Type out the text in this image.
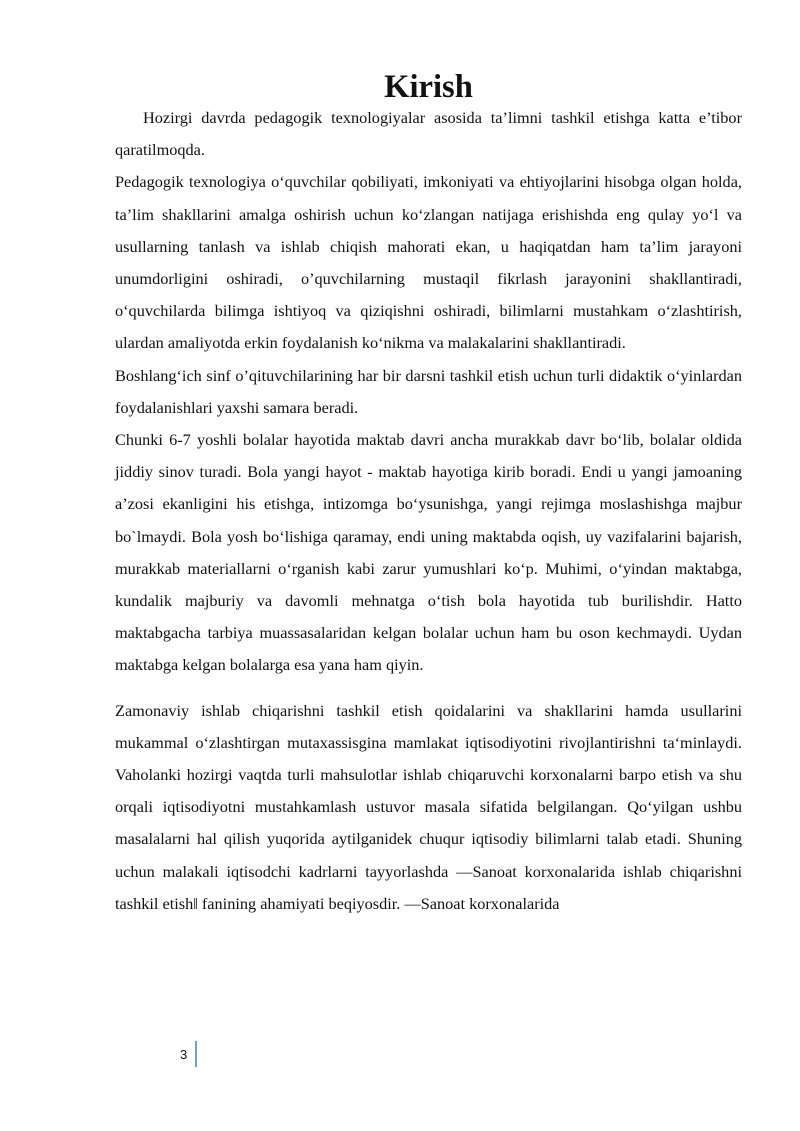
Kirish

Hozirgi davrda pedagogik texnologiyalar asosida ta’limni tashkil etishga katta e’tibor qaratilmoqda.

Pedagogik texnologiya o‘quvchilar qobiliyati, imkoniyati va ehtiyojlarini hisobga olgan holda, ta’lim shakllarini amalga oshirish uchun ko‘zlangan natijaga erishishda eng qulay yo‘l va usullarning tanlash va ishlab chiqish mahorati ekan, u haqiqatdan ham ta’lim jarayoni unumdorligini oshiradi, o’quvchilarning mustaqil fikrlash jarayonini shakllantiradi, o‘quvchilarda bilimga ishtiyoq va qiziqishni oshiradi, bilimlarni mustahkam o‘zlashtirish, ulardan amaliyotda erkin foydalanish ko‘nikma va malakalarini shakllantiradi.

Boshlang‘ich sinf o’qituvchilarining har bir darsni tashkil etish uchun turli didaktik o‘yinlardan foydalanishlari yaxshi samara beradi.

Chunki 6-7 yoshli bolalar hayotida maktab davri ancha murakkab davr bo‘lib, bolalar oldida jiddiy sinov turadi. Bola yangi hayot - maktab hayotiga kirib boradi. Endi u yangi jamoaning a’zosi ekanligini his etishga, intizomga bo‘ysunishga, yangi rejimga moslashishga majbur bo`lmaydi. Bola yosh bo‘lishiga qaramay, endi uning maktabda oqish, uy vazifalarini bajarish, murakkab materiallarni o‘rganish kabi zarur yumushlari ko‘p. Muhimi, o‘yindan maktabga, kundalik majburiy va davomli mehnatga o‘tish bola hayotida tub burilishdir. Hatto maktabgacha tarbiya muassasalaridan kelgan bolalar uchun ham bu oson kechmaydi. Uydan maktabga kelgan bolalarga esa yana ham qiyin.

Zamonaviy ishlab chiqarishni tashkil etish qoidalarini va shakllarini hamda usullarini mukammal o‘zlashtirgan mutaxassisgina mamlakat iqtisodiyotini rivojlantirishni ta‘minlaydi. Vaholanki hozirgi vaqtda turli mahsulotlar ishlab chiqaruvchi korxonalarni barpo etish va shu orqali iqtisodiyotni mustahkamlash ustuvor masala sifatida belgilangan. Qo‘yilgan ushbu masalalarni hal qilish yuqorida aytilganidek chuqur iqtisodiy bilimlarni talab etadi. Shuning uchun malakali iqtisodchi kadrlarni tayyorlashda ―Sanoat korxonalarida ishlab chiqarishni tashkil etish‖ fanining ahamiyati beqiyosdir. ―Sanoat korxonalarida

3
